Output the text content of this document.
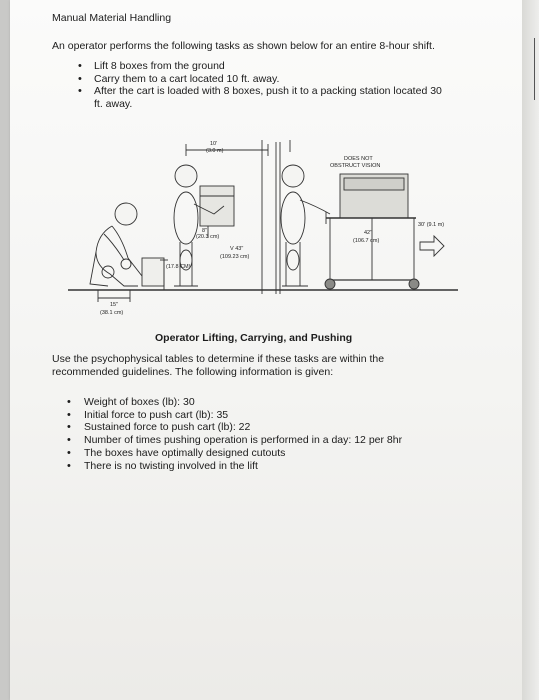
Manual Material Handling
An operator performs the following tasks as shown below for an entire 8-hour shift.
• Lift 8 boxes from the ground
• Carry them to a cart located 10 ft. away.
• After the cart is loaded with 8 boxes, push it to a packing station located 30 ft. away.
10'
(3.0 m)
DOES NOT
OBSTRUCT VISION
8"
(20.3 cm)
V 43"
(109.23 cm)
42"
(106.7 cm)
30' (9.1 m)
(17.8 CM)
15"
(38.1 cm)
Operator Lifting, Carrying, and Pushing
Use the psychophysical tables to determine if these tasks are within the recommended guidelines. The following information is given:
• Weight of boxes (lb): 30
• Initial force to push cart (lb): 35
• Sustained force to push cart (lb): 22
• Number of times pushing operation is performed in a day: 12 per 8hr
• The boxes have optimally designed cutouts
• There is no twisting involved in the lift
